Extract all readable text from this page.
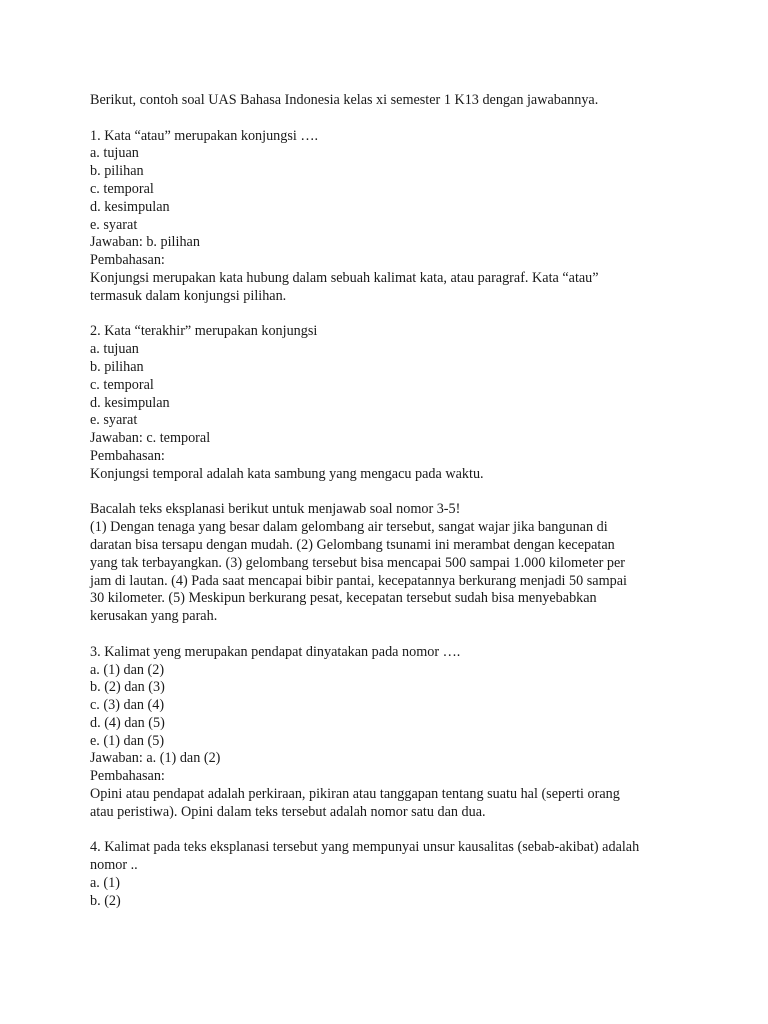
Berikut, contoh soal UAS Bahasa Indonesia kelas xi semester 1 K13 dengan jawabannya.
1. Kata “atau” merupakan konjungsi ….
a. tujuan
b. pilihan
c. temporal
d. kesimpulan
e. syarat
Jawaban: b. pilihan
Pembahasan:
Konjungsi merupakan kata hubung dalam sebuah kalimat kata, atau paragraf. Kata “atau”
termasuk dalam konjungsi pilihan.
2. Kata “terakhir” merupakan konjungsi
a. tujuan
b. pilihan
c. temporal
d. kesimpulan
e. syarat
Jawaban: c. temporal
Pembahasan:
Konjungsi temporal adalah kata sambung yang mengacu pada waktu.
Bacalah teks eksplanasi berikut untuk menjawab soal nomor 3-5!
(1) Dengan tenaga yang besar dalam gelombang air tersebut, sangat wajar jika bangunan di
daratan bisa tersapu dengan mudah. (2) Gelombang tsunami ini merambat dengan kecepatan
yang tak terbayangkan. (3) gelombang tersebut bisa mencapai 500 sampai 1.000 kilometer per
jam di lautan. (4) Pada saat mencapai bibir pantai, kecepatannya berkurang menjadi 50 sampai
30 kilometer. (5) Meskipun berkurang pesat, kecepatan tersebut sudah bisa menyebabkan
kerusakan yang parah.
3. Kalimat yeng merupakan pendapat dinyatakan pada nomor ….
a. (1) dan (2)
b. (2) dan (3)
c. (3) dan (4)
d. (4) dan (5)
e. (1) dan (5)
Jawaban: a. (1) dan (2)
Pembahasan:
Opini atau pendapat adalah perkiraan, pikiran atau tanggapan tentang suatu hal (seperti orang
atau peristiwa). Opini dalam teks tersebut adalah nomor satu dan dua.
4. Kalimat pada teks eksplanasi tersebut yang mempunyai unsur kausalitas (sebab-akibat) adalah
nomor ..
a. (1)
b. (2)
